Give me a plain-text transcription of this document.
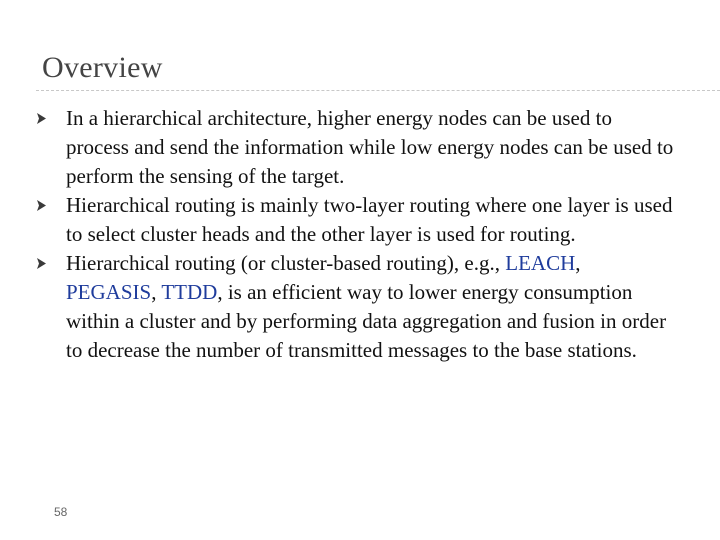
Overview
In a hierarchical architecture, higher energy nodes can be used to process and send the information while low energy nodes can be used to perform the sensing of the target.
Hierarchical routing is mainly two-layer routing where one layer is used to select cluster heads and the other layer is used for routing.
Hierarchical routing (or cluster-based routing), e.g., LEACH,
PEGASIS, TTDD, is an efficient way to lower energy consumption within a cluster and by performing data aggregation and fusion in order to decrease the number of transmitted messages to the base stations.
58
